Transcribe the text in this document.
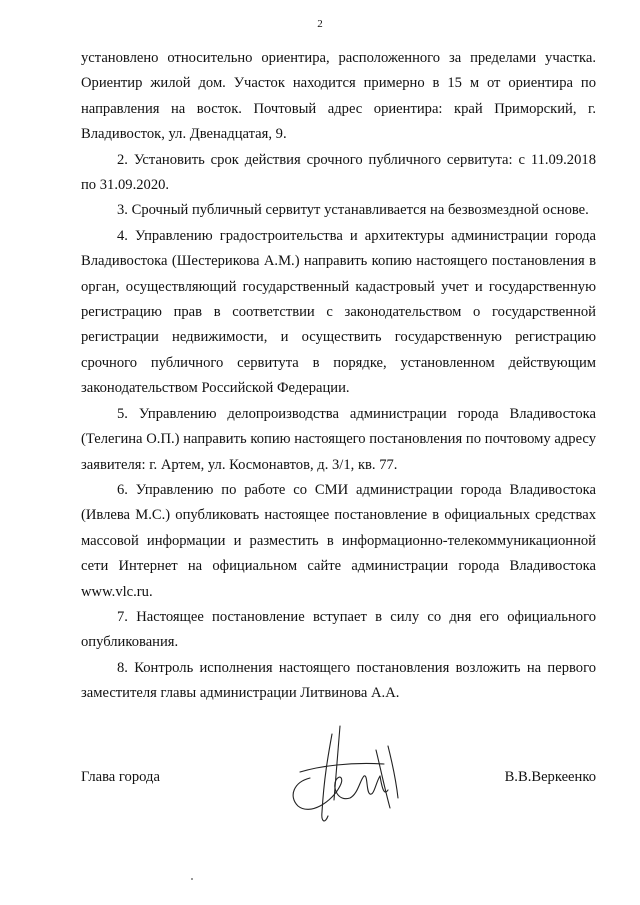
2

установлено относительно ориентира, расположенного за пределами участка. Ориентир жилой дом. Участок находится примерно в 15 м от ориентира по направления на восток. Почтовый адрес ориентира: край Приморский, г. Владивосток, ул. Двенадцатая, 9.

2. Установить срок действия срочного публичного сервитута: с 11.09.2018 по 31.09.2020.

3. Срочный публичный сервитут устанавливается на безвозмездной основе.

4. Управлению градостроительства и архитектуры администрации города Владивостока (Шестерикова А.М.) направить копию настоящего постановления в орган, осуществляющий государственный кадастровый учет и государственную регистрацию прав в соответствии с законодательством о государственной регистрации недвижимости, и осуществить государственную регистрацию срочного публичного сервитута в порядке, установленном действующим законодательством Российской Федерации.

5. Управлению делопроизводства администрации города Владивостока (Телегина О.П.) направить копию настоящего постановления по почтовому адресу заявителя: г. Артем, ул. Космонавтов, д. 3/1, кв. 77.

6. Управлению по работе со СМИ администрации города Владивостока (Ивлева М.С.) опубликовать настоящее постановление в официальных средствах массовой информации и разместить в информационно-телекоммуникационной сети Интернет на официальном сайте администрации города Владивостока www.vlc.ru.

7. Настоящее постановление вступает в силу со дня его официального опубликования.

8. Контроль исполнения настоящего постановления возложить на первого заместителя главы администрации Литвинова А.А.

Глава города	В.В.Веркеенко
